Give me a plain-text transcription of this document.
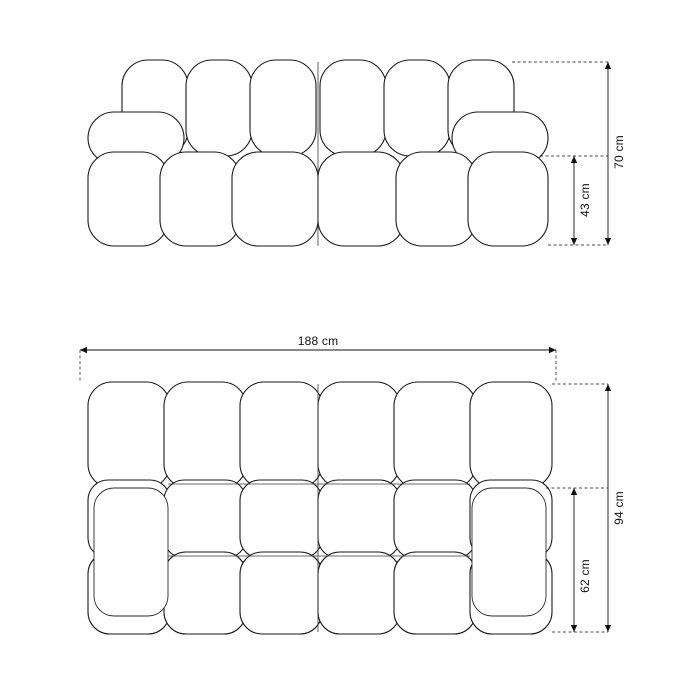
43 cm
70 cm
188 cm
62 cm
94 cm
